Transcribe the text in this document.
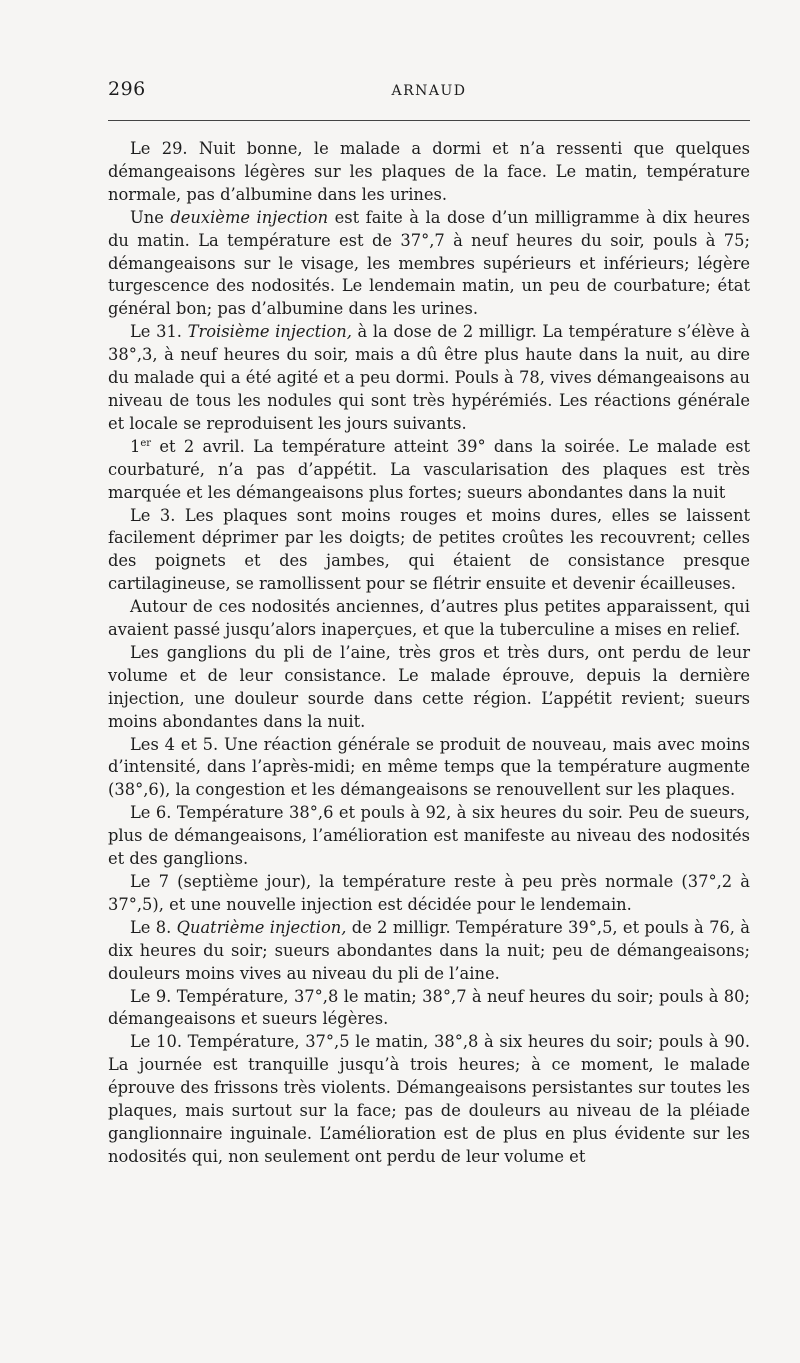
296	ARNAUD

Le 29. Nuit bonne, le malade a dormi et n’a ressenti que quelques démangeaisons légères sur les plaques de la face. Le matin, température normale, pas d’albumine dans les urines.

Une deuxième injection est faite à la dose d’un milligramme à dix heures du matin. La température est de 37°,7 à neuf heures du soir, pouls à 75; démangeaisons sur le visage, les membres supérieurs et inférieurs; légère turgescence des nodosités. Le lendemain matin, un peu de courbature; état général bon; pas d’albumine dans les urines.

Le 31. Troisième injection, à la dose de 2 milligr. La température s’élève à 38°,3, à neuf heures du soir, mais a dû être plus haute dans la nuit, au dire du malade qui a été agité et a peu dormi. Pouls à 78, vives démangeaisons au niveau de tous les nodules qui sont très hypérémiés. Les réactions générale et locale se reproduisent les jours suivants.

1er et 2 avril. La température atteint 39° dans la soirée. Le malade est courbaturé, n’a pas d’appétit. La vascularisation des plaques est très marquée et les démangeaisons plus fortes; sueurs abondantes dans la nuit

Le 3. Les plaques sont moins rouges et moins dures, elles se laissent facilement déprimer par les doigts; de petites croûtes les recouvrent; celles des poignets et des jambes, qui étaient de consistance presque cartilagineuse, se ramollissent pour se flétrir ensuite et devenir écailleuses.

Autour de ces nodosités anciennes, d’autres plus petites apparaissent, qui avaient passé jusqu’alors inaperçues, et que la tuberculine a mises en relief.

Les ganglions du pli de l’aine, très gros et très durs, ont perdu de leur volume et de leur consistance. Le malade éprouve, depuis la dernière injection, une douleur sourde dans cette région. L’appétit revient; sueurs moins abondantes dans la nuit.

Les 4 et 5. Une réaction générale se produit de nouveau, mais avec moins d’intensité, dans l’après-midi; en même temps que la température augmente (38°,6), la congestion et les démangeaisons se renouvellent sur les plaques.

Le 6. Température 38°,6 et pouls à 92, à six heures du soir. Peu de sueurs, plus de démangeaisons, l’amélioration est manifeste au niveau des nodosités et des ganglions.

Le 7 (septième jour), la température reste à peu près normale (37°,2 à 37°,5), et une nouvelle injection est décidée pour le lendemain.

Le 8. Quatrième injection, de 2 milligr. Température 39°,5, et pouls à 76, à dix heures du soir; sueurs abondantes dans la nuit; peu de démangeaisons; douleurs moins vives au niveau du pli de l’aine.

Le 9. Température, 37°,8 le matin; 38°,7 à neuf heures du soir; pouls à 80; démangeaisons et sueurs légères.

Le 10. Température, 37°,5 le matin, 38°,8 à six heures du soir; pouls à 90. La journée est tranquille jusqu’à trois heures; à ce moment, le malade éprouve des frissons très violents. Démangeaisons persistantes sur toutes les plaques, mais surtout sur la face; pas de douleurs au niveau de la pléiade ganglionnaire inguinale. L’amélioration est de plus en plus évidente sur les nodosités qui, non seulement ont perdu de leur volume et
